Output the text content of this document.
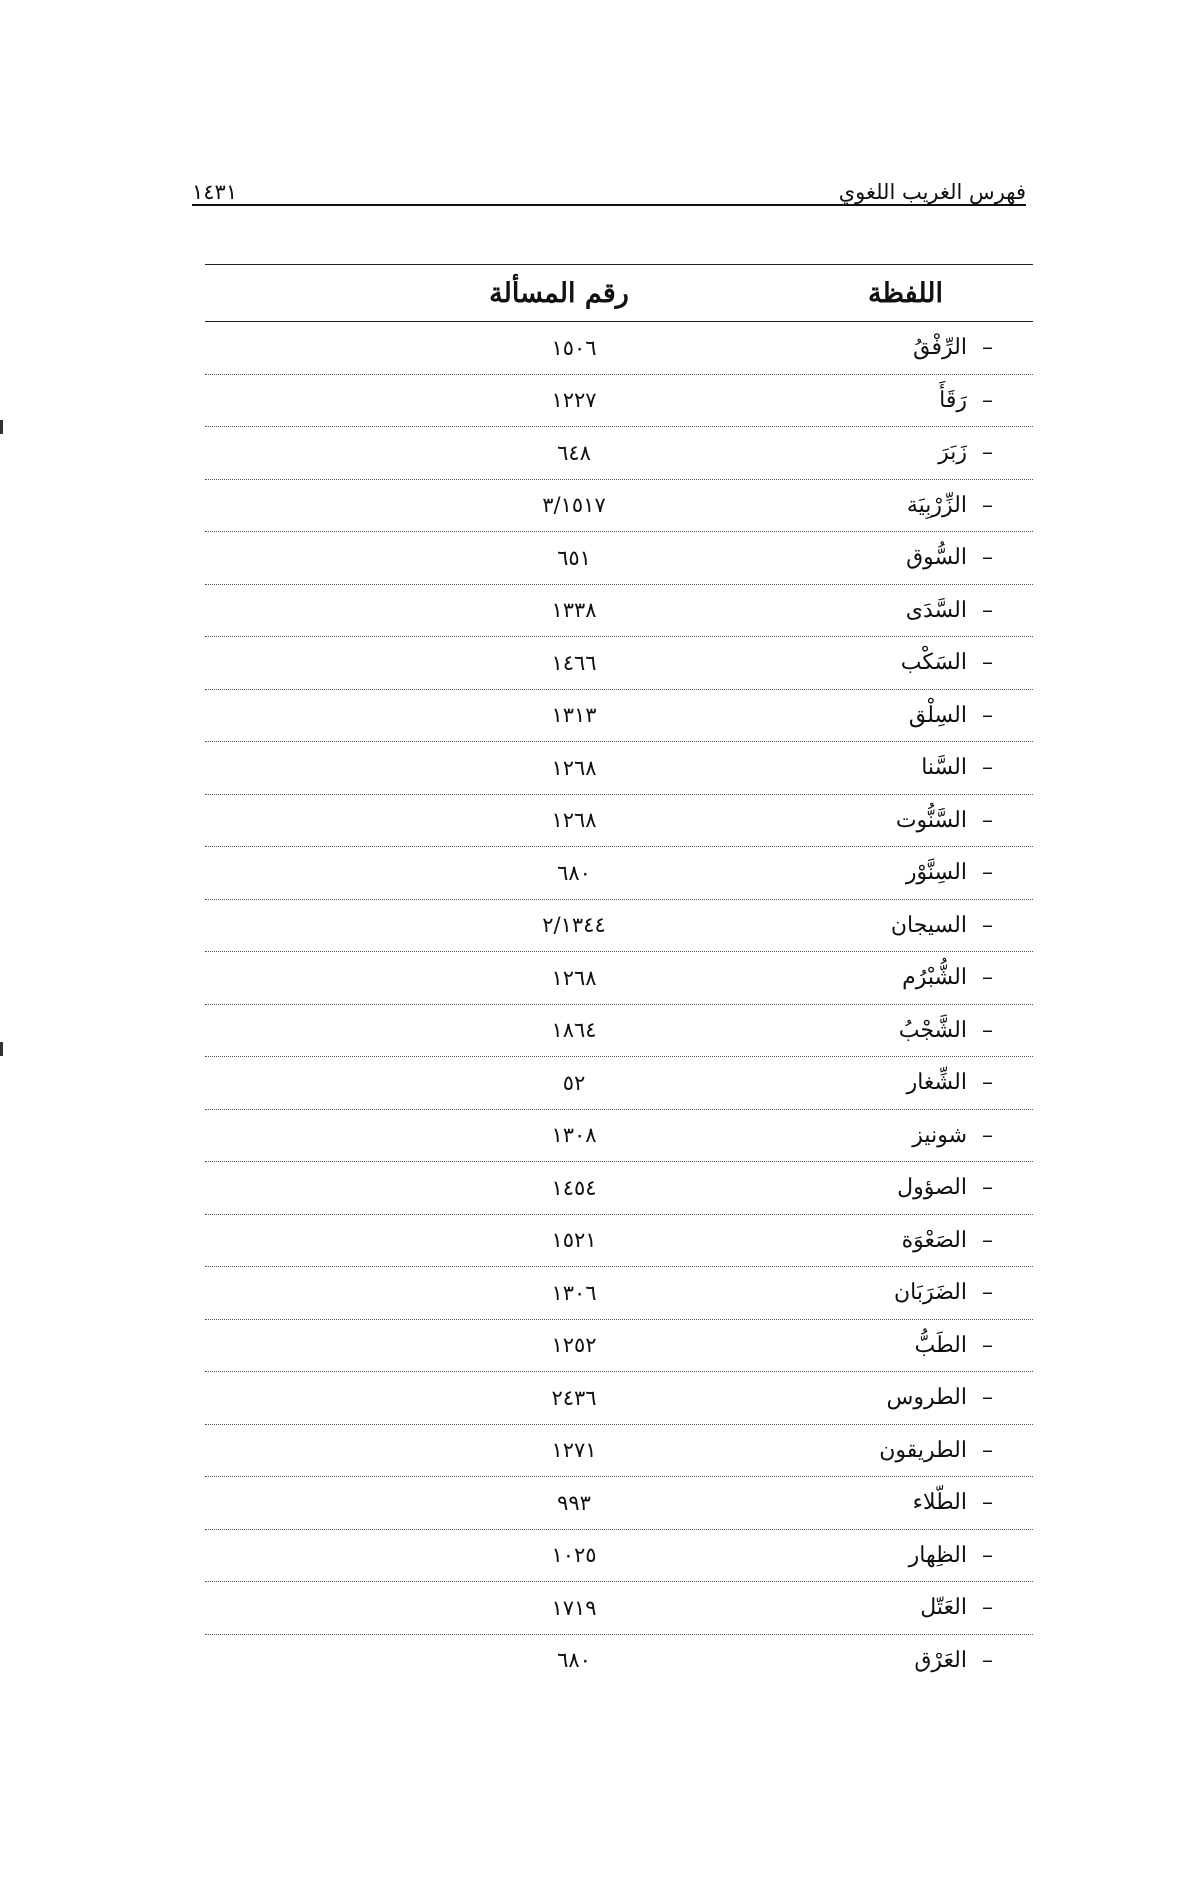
فهرس الغريب اللغوي
١٤٣١
اللفظة
رقم المسألة
–
الرِّفْقُ
١٥٠٦
–
رَقَأَ
١٢٢٧
–
زَبَرَ
٦٤٨
–
الزِّرْبِيَة
٣/١٥١٧
–
السُّوق
٦٥١
–
السَّدَى
١٣٣٨
–
السَكْب
١٤٦٦
–
السِلْق
١٣١٣
–
السَّنا
١٢٦٨
–
السَّنُّوت
١٢٦٨
–
السِنَّوْر
٦٨٠
–
السيجان
٢/١٣٤٤
–
الشُّبْرُم
١٢٦٨
–
الشَّجْبُ
١٨٦٤
–
الشِّغار
٥٢
–
شونيز
١٣٠٨
–
الصؤول
١٤٥٤
–
الصَعْوَة
١٥٢١
–
الضَرَبَان
١٣٠٦
–
الطَبُّ
١٢٥٢
–
الطروس
٢٤٣٦
–
الطريقون
١٢٧١
–
الطّلاء
٩٩٣
–
الظِهار
١٠٢٥
–
العَتّل
١٧١٩
–
العَرْق
٦٨٠
